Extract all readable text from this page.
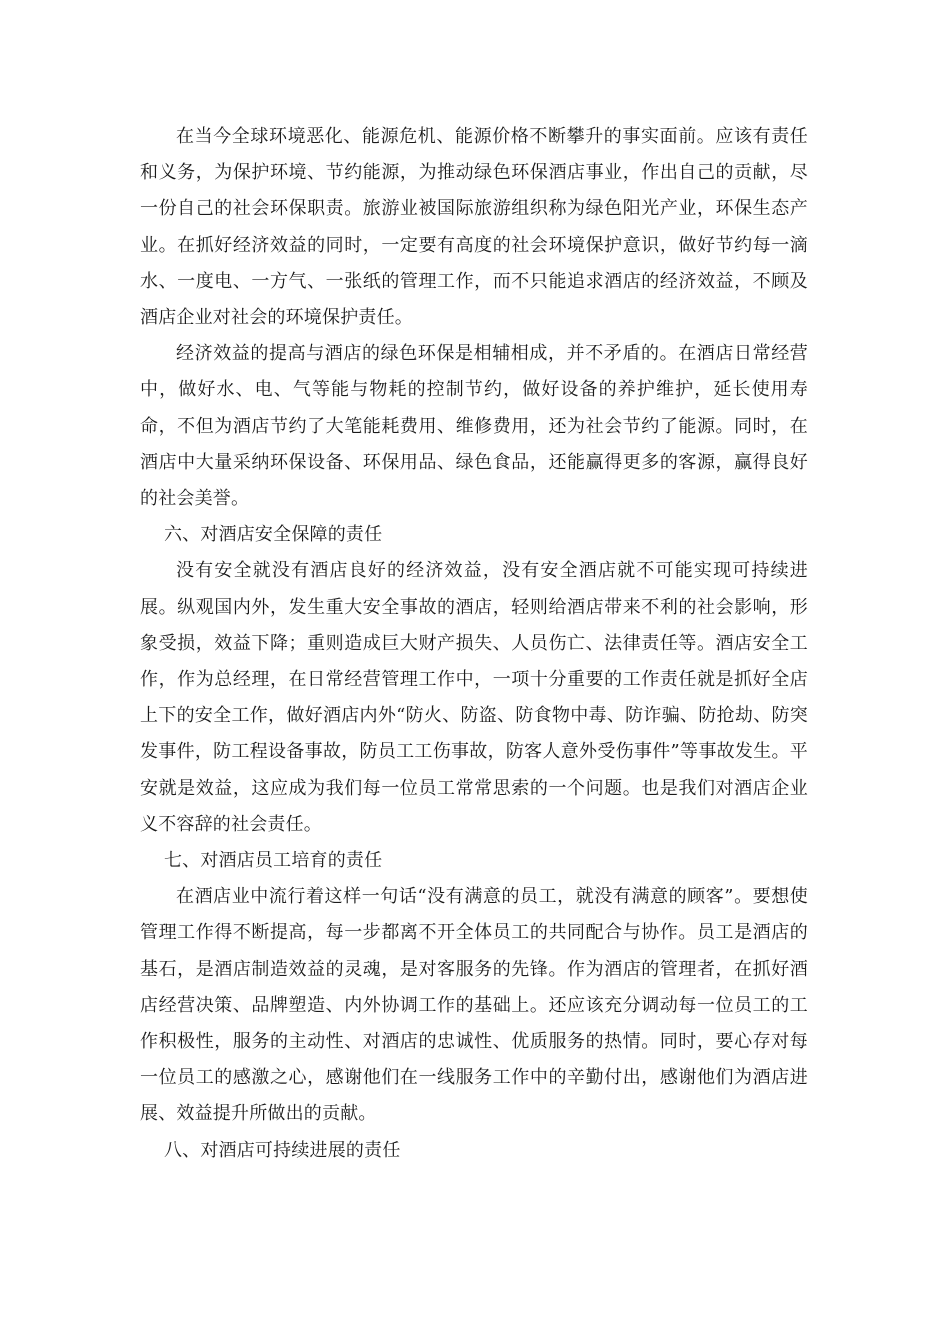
在当今全球环境恶化、能源危机、能源价格不断攀升的事实面前。应该有责任和义务，为保护环境、节约能源，为推动绿色环保酒店事业，作出自己的贡献，尽一份自己的社会环保职责。旅游业被国际旅游组织称为绿色阳光产业，环保生态产业。在抓好经济效益的同时，一定要有高度的社会环境保护意识，做好节约每一滴水、一度电、一方气、一张纸的管理工作，而不只能追求酒店的经济效益，不顾及酒店企业对社会的环境保护责任。

经济效益的提高与酒店的绿色环保是相辅相成，并不矛盾的。在酒店日常经营中，做好水、电、气等能与物耗的控制节约，做好设备的养护维护，延长使用寿命，不但为酒店节约了大笔能耗费用、维修费用，还为社会节约了能源。同时，在酒店中大量采纳环保设备、环保用品、绿色食品，还能赢得更多的客源，赢得良好的社会美誉。

六、对酒店安全保障的责任

没有安全就没有酒店良好的经济效益，没有安全酒店就不可能实现可持续进展。纵观国内外，发生重大安全事故的酒店，轻则给酒店带来不利的社会影响，形象受损，效益下降；重则造成巨大财产损失、人员伤亡、法律责任等。酒店安全工作，作为总经理，在日常经营管理工作中，一项十分重要的工作责任就是抓好全店上下的安全工作，做好酒店内外“防火、防盗、防食物中毒、防诈骗、防抢劫、防突发事件，防工程设备事故，防员工工伤事故，防客人意外受伤事件”等事故发生。平安就是效益，这应成为我们每一位员工常常思索的一个问题。也是我们对酒店企业义不容辞的社会责任。

七、对酒店员工培育的责任

在酒店业中流行着这样一句话“没有满意的员工，就没有满意的顾客”。要想使管理工作得不断提高，每一步都离不开全体员工的共同配合与协作。员工是酒店的基石，是酒店制造效益的灵魂，是对客服务的先锋。作为酒店的管理者，在抓好酒店经营决策、品牌塑造、内外协调工作的基础上。还应该充分调动每一位员工的工作积极性，服务的主动性、对酒店的忠诚性、优质服务的热情。同时，要心存对每一位员工的感激之心，感谢他们在一线服务工作中的辛勤付出，感谢他们为酒店进展、效益提升所做出的贡献。

八、对酒店可持续进展的责任
